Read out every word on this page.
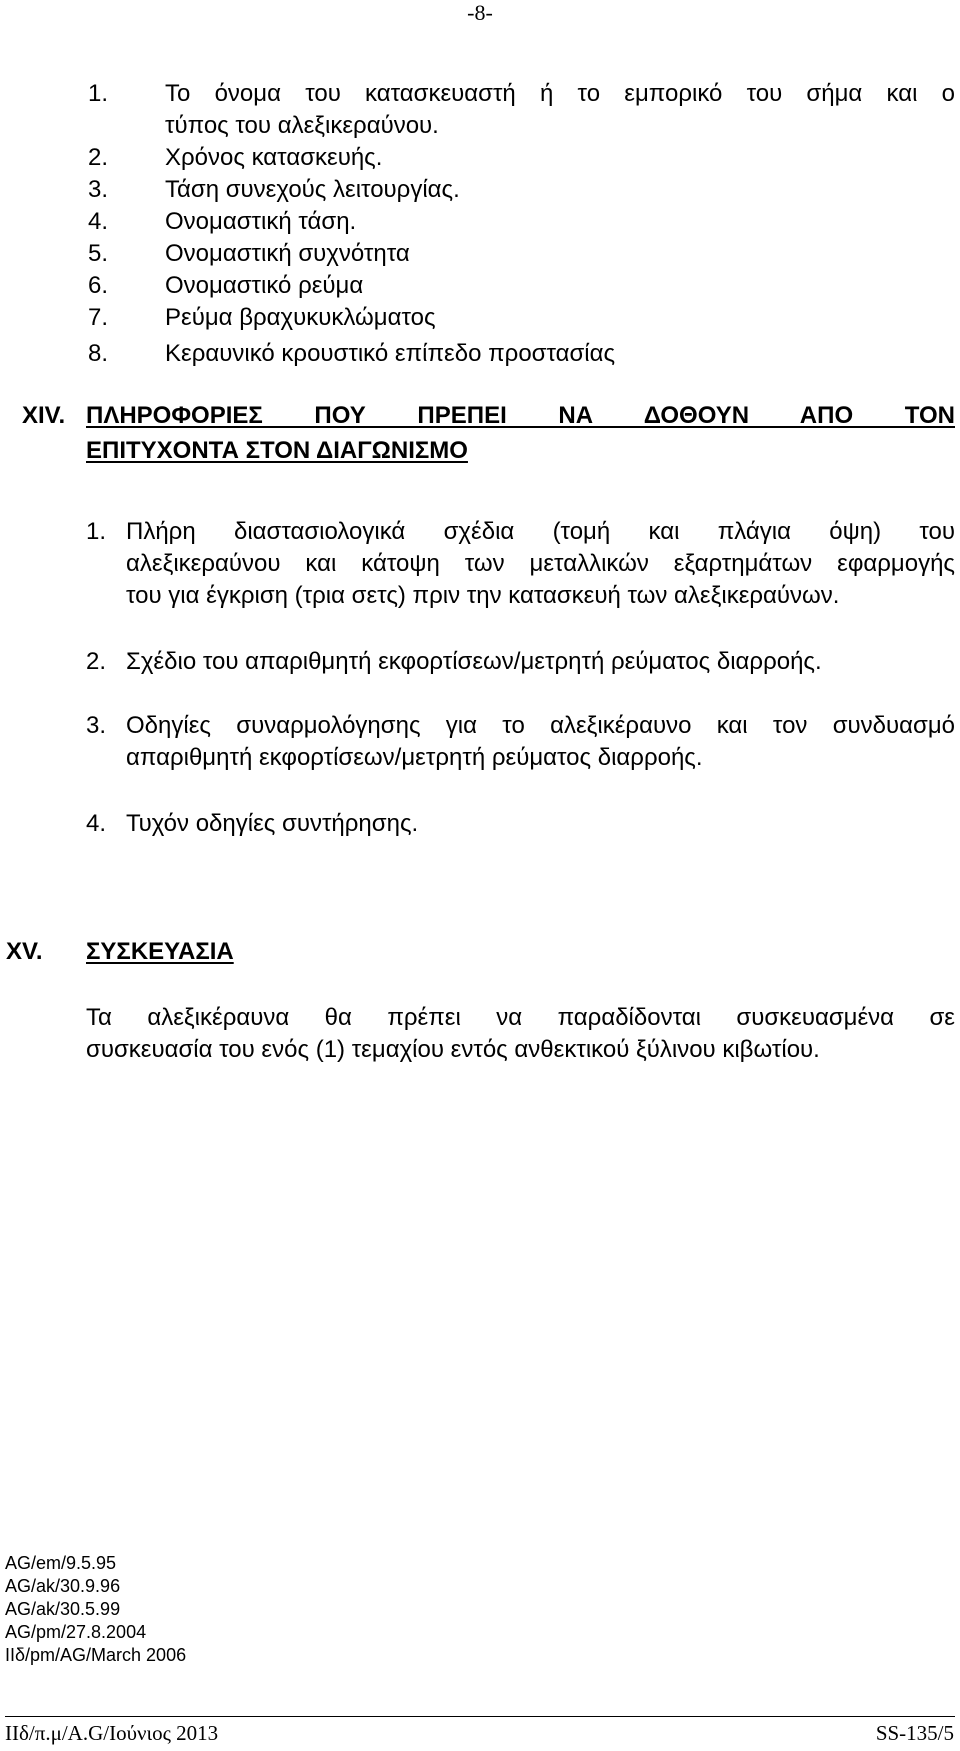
-8-
1. Το όνομα του κατασκευαστή ή το εμπορικό του σήμα και ο
τύπος του αλεξικεραύνου.
2. Χρόνος κατασκευής.
3. Τάση συνεχούς λειτουργίας.
4. Ονομαστική τάση.
5. Ονομαστική συχνότητα
6. Ονομαστικό ρεύμα
7. Ρεύμα βραχυκυκλώματος
8. Κεραυνικό κρουστικό επίπεδο προστασίας
XIV. ΠΛΗΡΟΦΟΡΙΕΣ ΠΟΥ ΠΡΕΠΕΙ ΝΑ ΔΟΘΟΥΝ ΑΠΟ ΤΟΝ
ΕΠΙΤΥΧΟΝΤΑ ΣΤΟΝ ΔΙΑΓΩΝΙΣΜΟ
1. Πλήρη διαστασιολογικά σχέδια (τομή και πλάγια όψη) του
αλεξικεραύνου και κάτοψη των μεταλλικών εξαρτημάτων εφαρμογής
του για έγκριση (τρια σετς) πριν την κατασκευή των αλεξικεραύνων.
2. Σχέδιο του απαριθμητή εκφορτίσεων/μετρητή ρεύματος διαρροής.
3. Οδηγίες συναρμολόγησης για το αλεξικέραυνο και τον συνδυασμό
απαριθμητή εκφορτίσεων/μετρητή ρεύματος διαρροής.
4. Τυχόν οδηγίες συντήρησης.
XV. ΣΥΣΚΕΥΑΣΙΑ
Τα αλεξικέραυνα θα πρέπει να παραδίδονται συσκευασμένα σε
συσκευασία του ενός (1) τεμαχίου εντός ανθεκτικού ξύλινου κιβωτίου.
AG/em/9.5.95
AG/ak/30.9.96
AG/ak/30.5.99
AG/pm/27.8.2004
IIδ/pm/AG/March 2006
ΙΙδ/π.μ/A.G/Ιούνιος 2013	SS-135/5
